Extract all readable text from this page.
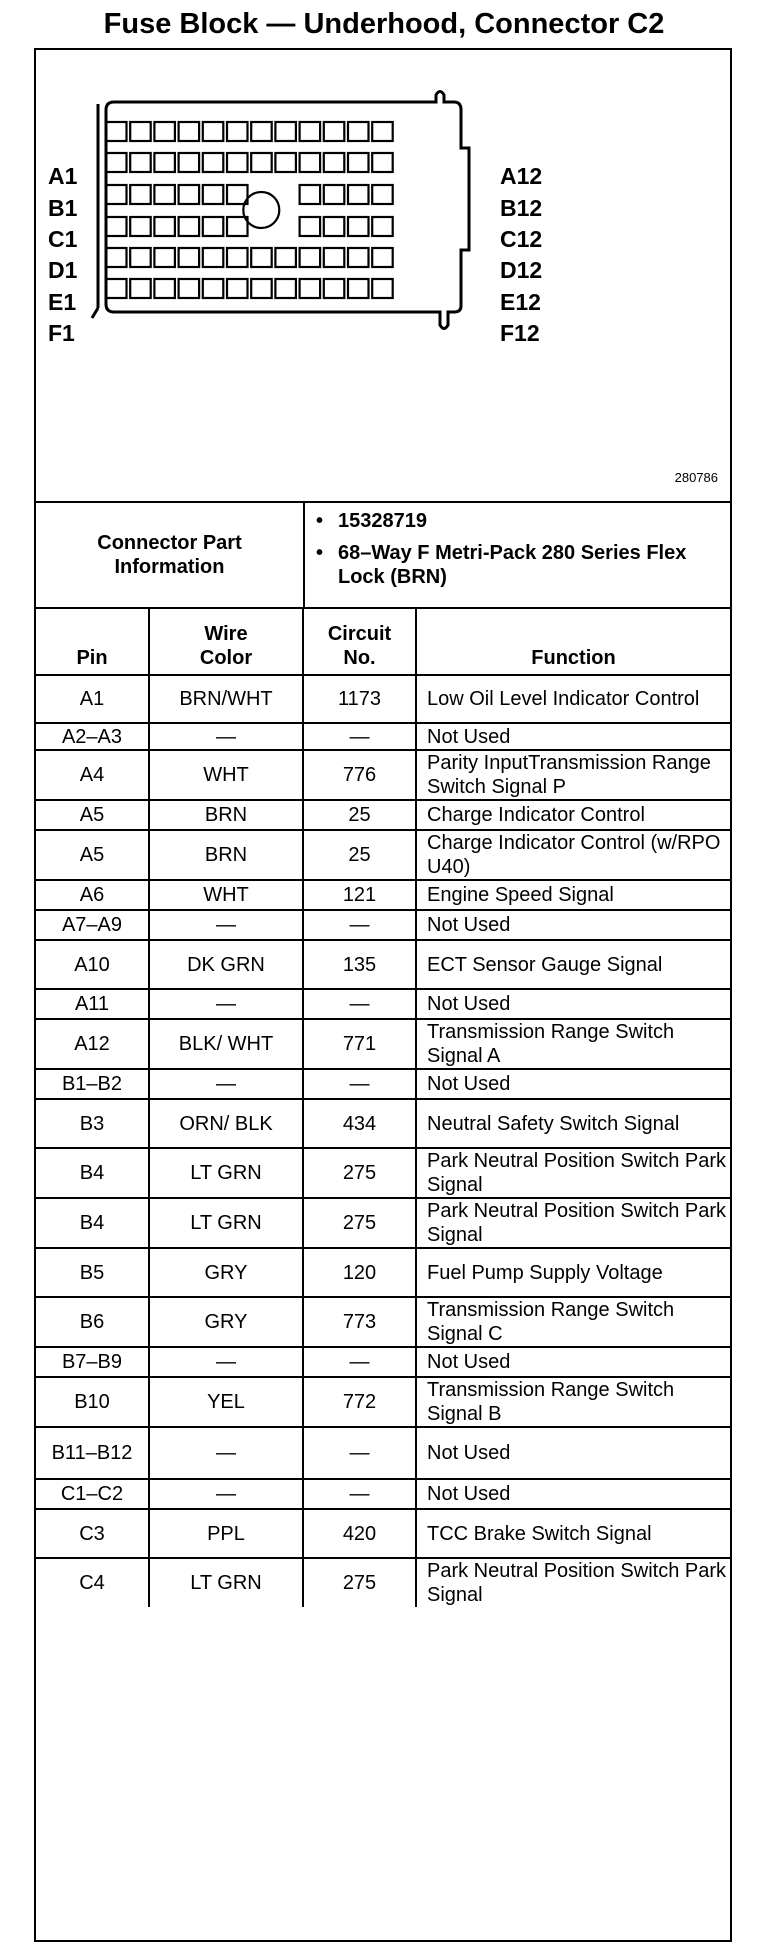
Fuse Block — Underhood, Connector C2
A1
B1
C1
D1
E1
F1
A12
B12
C12
D12
E12
F12
280786
Connector Part Information
• 15328719
• 68–Way F Metri-Pack 280 Series Flex Lock (BRN)
Pin	Wire Color	Circuit No.	Function
A1	BRN/WHT	1173	Low Oil Level Indicator Control
A2–A3	—	—	Not Used
A4	WHT	776	Parity InputTransmission Range Switch Signal P
A5	BRN	25	Charge Indicator Control
A5	BRN	25	Charge Indicator Control (w/RPO U40)
A6	WHT	121	Engine Speed Signal
A7–A9	—	—	Not Used
A10	DK GRN	135	ECT Sensor Gauge Signal
A11	—	—	Not Used
A12	BLK/ WHT	771	Transmission Range Switch Signal A
B1–B2	—	—	Not Used
B3	ORN/ BLK	434	Neutral Safety Switch Signal
B4	LT GRN	275	Park Neutral Position Switch Park Signal
B4	LT GRN	275	Park Neutral Position Switch Park Signal
B5	GRY	120	Fuel Pump Supply Voltage
B6	GRY	773	Transmission Range Switch Signal C
B7–B9	—	—	Not Used
B10	YEL	772	Transmission Range Switch Signal B
B11–B12	—	—	Not Used
C1–C2	—	—	Not Used
C3	PPL	420	TCC Brake Switch Signal
C4	LT GRN	275	Park Neutral Position Switch Park Signal
